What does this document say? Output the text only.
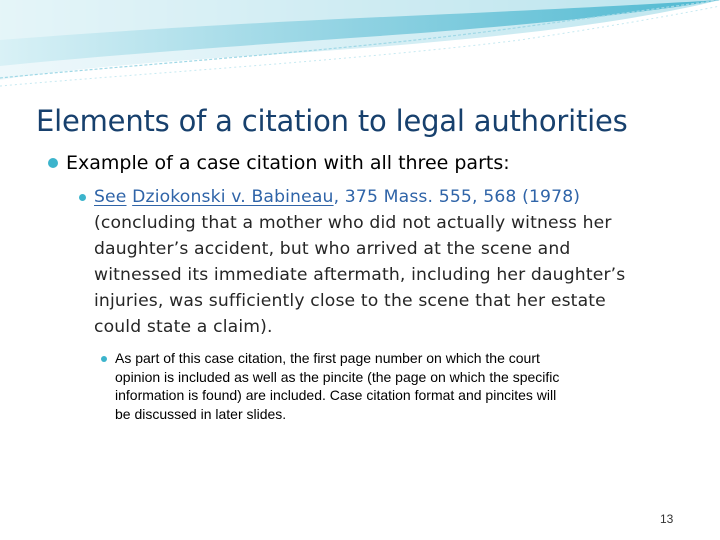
Elements of a citation to legal authorities

Example of a case citation with all three parts:

See Dziokonski v. Babineau, 375 Mass. 555, 568 (1978)
(concluding that a mother who did not actually witness her
daughter’s accident, but who arrived at the scene and
witnessed its immediate aftermath, including her daughter’s
injuries, was sufficiently close to the scene that her estate
could state a claim).
As part of this case citation, the first page number on which the court
opinion is included as well as the pincite (the page on which the specific
information is found) are included. Case citation format and pincites will
be discussed in later slides.
13
